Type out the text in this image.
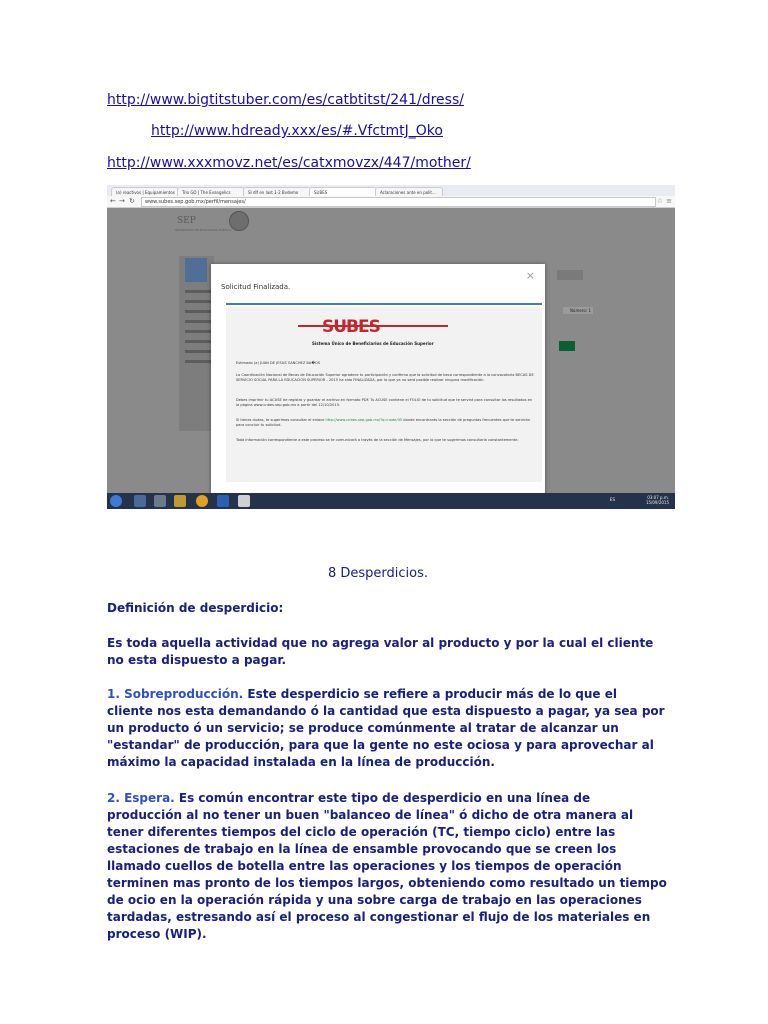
http://www.bigtitstuber.com/es/catbtitst/241/dress/
http://www.hdready.xxx/es/#.VfctmtJ_Oko
http://www.xxxmovz.net/es/catxmovzx/447/mother/
(o) reactivos | Equipamientos	Trio GO | The Evangelics	SI dlf en last 1-2 Bvdemo	SUBES	Aclaraciones ante en polit...
← → ↻	www.subes.sep.gob.mx/perfil/mensajes/	☆ ≡
SEP
SECRETARÍA DE EDUCACIÓN PÚBLICA
Número: 1
Solicitud Finalizada.
×
SUBES
Sistema Único de Beneficiarios de Educación Superior
Estimado (a) JUAN DE JESUS SANCHEZ BA�OS
La Coordinación Nacional de Becas de Educación Superior agradece tu participación y confirma que la solicitud de beca correspondiente a la convocatoria BECAS DE SERVICIO SOCIAL PARA LA EDUCACION SUPERIOR - 2015 ha sido FINALIZADA, por lo que ya no será posible realizar ninguna modificación.
Debes imprimir tu ACUSE de registro y guardar el archivo en formato PDF. Tu ACUSE contiene el FOLIO de tu solicitud que te servirá para consultar los resultados en la página www.cnbes.sep.gob.mx a partir del 12/10/2015.
Si tienes dudas, te sugerimos consultar el enlace http://www.cnbes.sep.gob.mx/?q=node/35 donde encontrarás la sección de preguntas frecuentes que te servirán para concluir tu solicitud.
Toda información correspondiente a este proceso se te comunicará a través de la sección de Mensajes, por lo que te sugerimos consultarla constantemente.
03:07 p.m.
15/09/2015
ES
8 Desperdicios.
Definición de desperdicio:
Es toda aquella actividad que no agrega valor al producto y por la cual el cliente no esta dispuesto a pagar.
1. Sobreproducción. Este desperdicio se refiere a producir más de lo que el cliente nos esta demandando ó la cantidad que esta dispuesto a pagar, ya sea por un producto ó un servicio; se produce comúnmente al tratar de alcanzar un "estandar" de producción, para que la gente no este ociosa y para aprovechar al máximo la capacidad instalada en la línea de producción.
2. Espera. Es común encontrar este tipo de desperdicio en una línea de producción al no tener un buen "balanceo de línea" ó dicho de otra manera al tener diferentes tiempos del ciclo de operación (TC, tiempo ciclo) entre las estaciones de trabajo en la línea de ensamble provocando que se creen los llamado cuellos de botella entre las operaciones y los tiempos de operación terminen mas pronto de los tiempos largos, obteniendo como resultado un tiempo de ocio en la operación rápida y una sobre carga de trabajo en las operaciones tardadas, estresando así el proceso al congestionar el flujo de los materiales en proceso (WIP).
